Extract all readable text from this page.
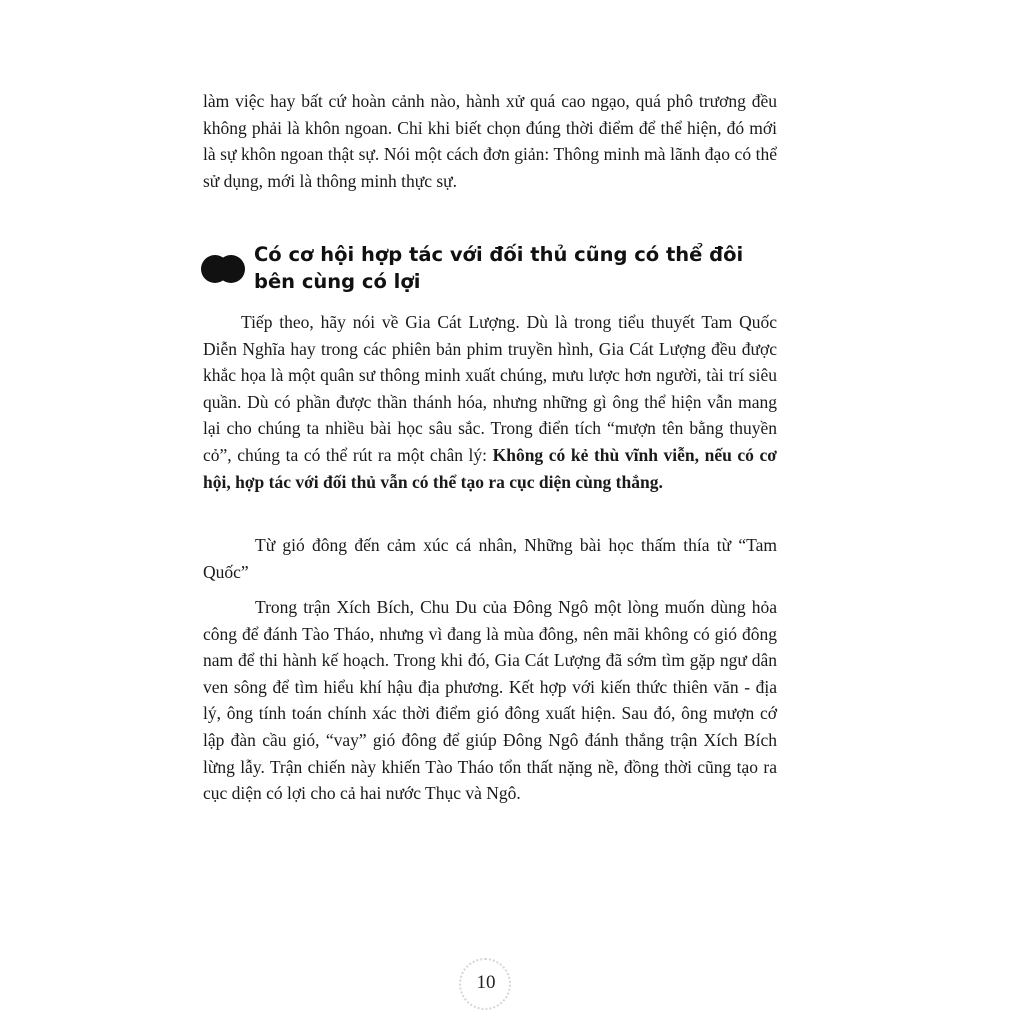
làm việc hay bất cứ hoàn cảnh nào, hành xử quá cao ngạo, quá phô trương đều không phải là khôn ngoan. Chỉ khi biết chọn đúng thời điểm để thể hiện, đó mới là sự khôn ngoan thật sự. Nói một cách đơn giản: Thông minh mà lãnh đạo có thể sử dụng, mới là thông minh thực sự.

Có cơ hội hợp tác với đối thủ cũng có thể đôi bên cùng có lợi

Tiếp theo, hãy nói về Gia Cát Lượng. Dù là trong tiểu thuyết Tam Quốc Diễn Nghĩa hay trong các phiên bản phim truyền hình, Gia Cát Lượng đều được khắc họa là một quân sư thông minh xuất chúng, mưu lược hơn người, tài trí siêu quần. Dù có phần được thần thánh hóa, nhưng những gì ông thể hiện vẫn mang lại cho chúng ta nhiều bài học sâu sắc. Trong điển tích “mượn tên bằng thuyền cỏ”, chúng ta có thể rút ra một chân lý: Không có kẻ thù vĩnh viễn, nếu có cơ hội, hợp tác với đối thủ vẫn có thể tạo ra cục diện cùng thắng.

Từ gió đông đến cảm xúc cá nhân, Những bài học thấm thía từ “Tam Quốc”

Trong trận Xích Bích, Chu Du của Đông Ngô một lòng muốn dùng hỏa công để đánh Tào Tháo, nhưng vì đang là mùa đông, nên mãi không có gió đông nam để thi hành kế hoạch. Trong khi đó, Gia Cát Lượng đã sớm tìm gặp ngư dân ven sông để tìm hiểu khí hậu địa phương. Kết hợp với kiến thức thiên văn - địa lý, ông tính toán chính xác thời điểm gió đông xuất hiện. Sau đó, ông mượn cớ lập đàn cầu gió, “vay” gió đông để giúp Đông Ngô đánh thắng trận Xích Bích lừng lẫy. Trận chiến này khiến Tào Tháo tổn thất nặng nề, đồng thời cũng tạo ra cục diện có lợi cho cả hai nước Thục và Ngô.

10
